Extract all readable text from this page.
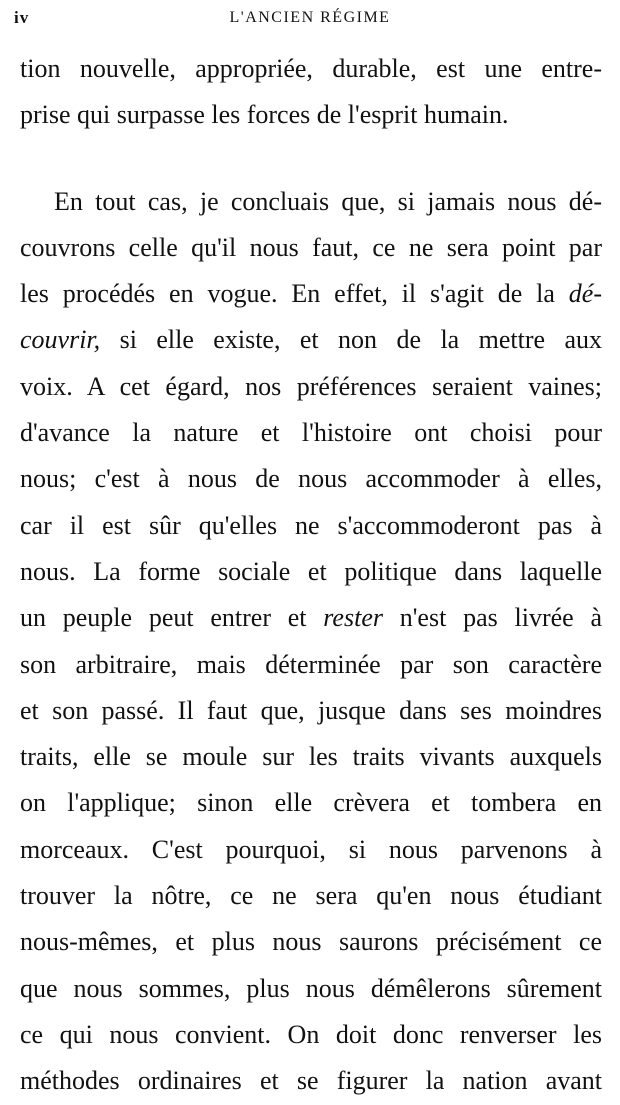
iv	L'ANCIEN RÉGIME
tion nouvelle, appropriée, durable, est une entre-
prise qui surpasse les forces de l'esprit humain.
En tout cas, je concluais que, si jamais nous dé-
couvrons celle qu'il nous faut, ce ne sera point par
les procédés en vogue. En effet, il s'agit de la dé-
couvrir, si elle existe, et non de la mettre aux
voix. A cet égard, nos préférences seraient vaines;
d'avance la nature et l'histoire ont choisi pour
nous; c'est à nous de nous accommoder à elles,
car il est sûr qu'elles ne s'accommoderont pas à
nous. La forme sociale et politique dans laquelle
un peuple peut entrer et rester n'est pas livrée à
son arbitraire, mais déterminée par son caractère
et son passé. Il faut que, jusque dans ses moindres
traits, elle se moule sur les traits vivants auxquels
on l'applique; sinon elle crèvera et tombera en
morceaux. C'est pourquoi, si nous parvenons à
trouver la nôtre, ce ne sera qu'en nous étudiant
nous-mêmes, et plus nous saurons précisément ce
que nous sommes, plus nous démêlerons sûrement
ce qui nous convient. On doit donc renverser les
méthodes ordinaires et se figurer la nation avant
